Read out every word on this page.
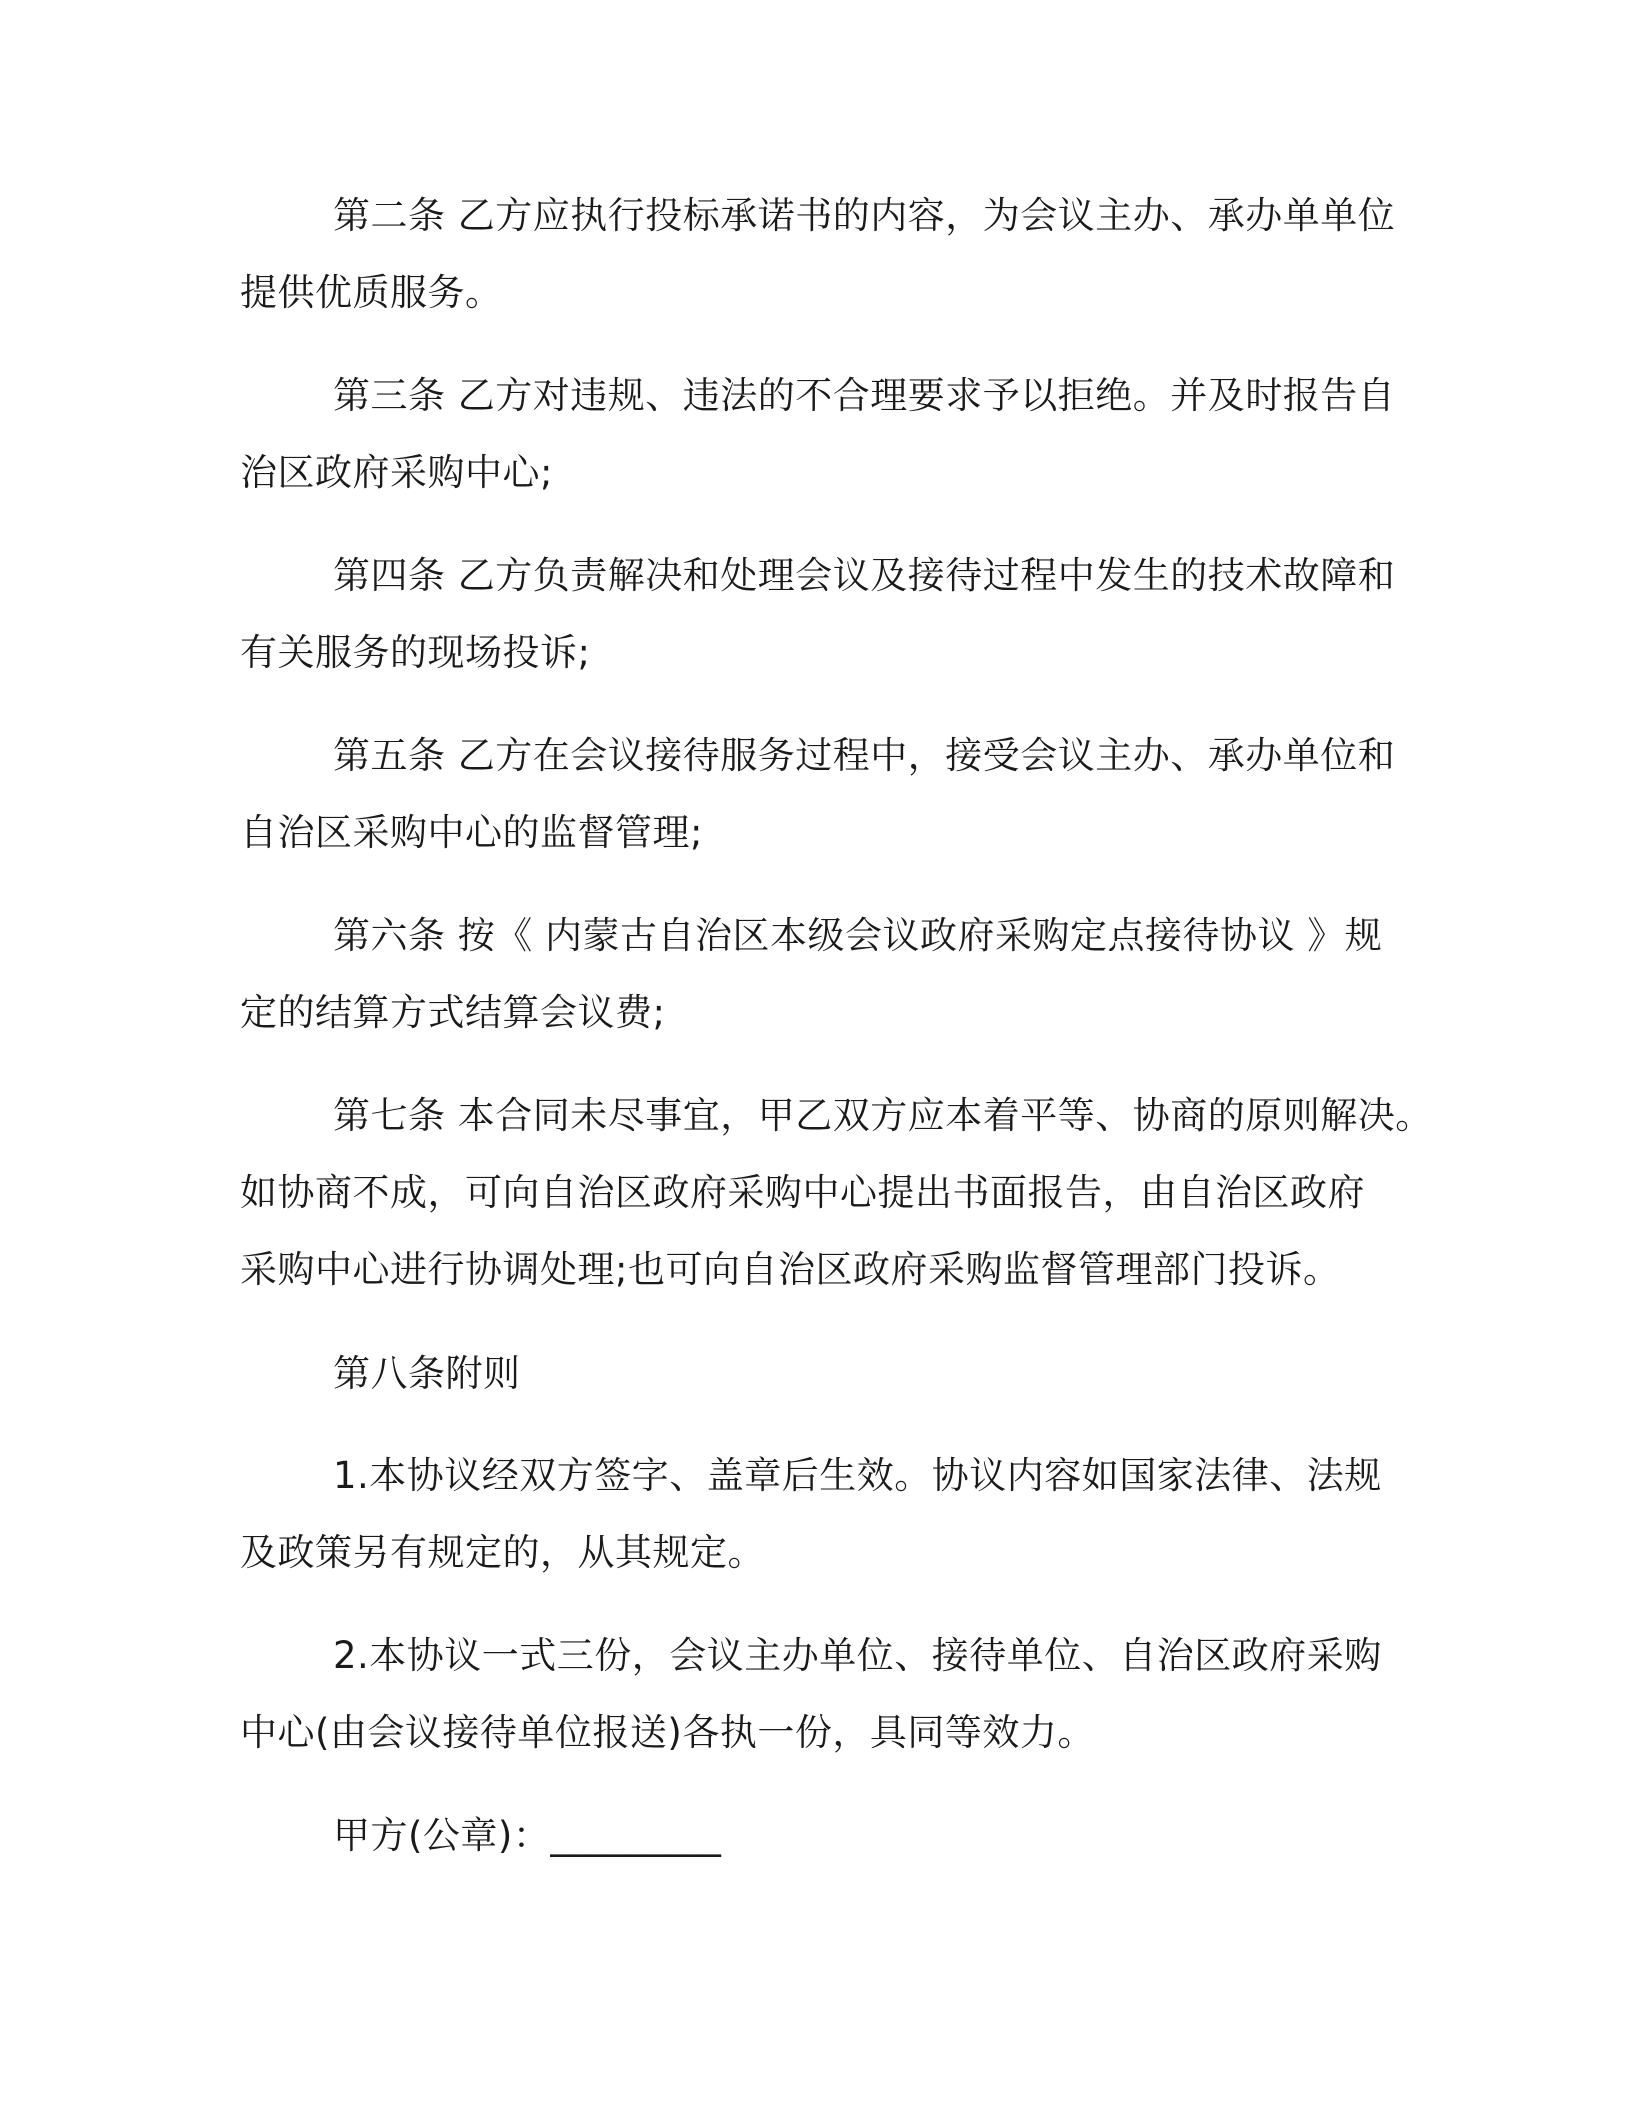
第二条 乙方应执行投标承诺书的内容，为会议主办、承办单单位
提供优质服务。
第三条 乙方对违规、违法的不合理要求予以拒绝。并及时报告自
治区政府采购中心;
第四条 乙方负责解决和处理会议及接待过程中发生的技术故障和
有关服务的现场投诉;
第五条 乙方在会议接待服务过程中，接受会议主办、承办单位和
自治区采购中心的监督管理;
第六条 按《 内蒙古自治区本级会议政府采购定点接待协议 》规
定的结算方式结算会议费;
第七条 本合同未尽事宜，甲乙双方应本着平等、协商的原则解决。
如协商不成，可向自治区政府采购中心提出书面报告，由自治区政府
采购中心进行协调处理;也可向自治区政府采购监督管理部门投诉。
第八条附则
1.本协议经双方签字、盖章后生效。协议内容如国家法律、法规
及政策另有规定的，从其规定。
2.本协议一式三份，会议主办单位、接待单位、自治区政府采购
中心(由会议接待单位报送)各执一份，具同等效力。
甲方(公章)：_________
